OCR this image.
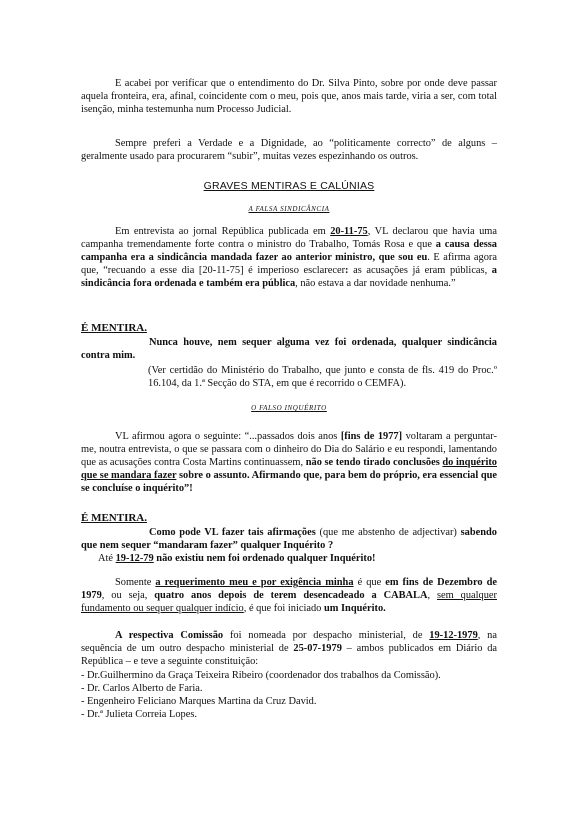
E acabei por verificar que o entendimento do Dr. Silva Pinto, sobre por onde deve passar aquela fronteira, era, afinal, coincidente com o meu, pois que, anos mais tarde, viria a ser, com total isenção, minha testemunha num Processo Judicial.

Sempre preferi a Verdade e a Dignidade, ao “politicamente correcto” de alguns – geralmente usado para procurarem “subir”, muitas vezes espezinhando os outros.

GRAVES MENTIRAS E CALÚNIAS
A FALSA SINDICÂNCIA

Em entrevista ao jornal República publicada em 20-11-75, VL declarou que havia uma campanha tremendamente forte contra o ministro do Trabalho, Tomás Rosa e que a causa dessa campanha era a sindicância mandada fazer ao anterior ministro, que sou eu. E afirma agora que, “recuando a esse dia [20-11-75] é imperioso esclarecer: as acusações já eram públicas, a sindicância fora ordenada e também era pública, não estava a dar novidade nenhuma.”

É MENTIRA.

Nunca houve, nem sequer alguma vez foi ordenada, qualquer sindicância contra mim.

(Ver certidão do Ministério do Trabalho, que junto e consta de fls. 419 do Proc.º 16.104, da 1.ª Secção do STA, em que é recorrido o CEMFA).

O FALSO INQUÉRITO

VL afirmou agora o seguinte: “...passados dois anos [fins de 1977] voltaram a perguntar-me, noutra entrevista, o que se passara com o dinheiro do Dia do Salário e eu respondi, lamentando que as acusações contra Costa Martins continuassem, não se tendo tirado conclusões do inquérito que se mandara fazer sobre o assunto. Afirmando que, para bem do próprio, era essencial que se concluíse o inquérito”!

É MENTIRA.

Como pode VL fazer tais afirmações (que me abstenho de adjectivar) sabendo que nem sequer “mandaram fazer” qualquer Inquérito ?

Até 19-12-79 não existiu nem foi ordenado qualquer Inquérito!

Somente a requerimento meu e por exigência minha é que em fins de Dezembro de 1979, ou seja, quatro anos depois de terem desencadeado a CABALA, sem qualquer fundamento ou sequer qualquer indício, é que foi iniciado um Inquérito.

A respectiva Comissão foi nomeada por despacho ministerial, de 19-12-1979, na sequência de um outro despacho ministerial de 25-07-1979 – ambos publicados em Diário da República – e teve a seguinte constituição:

- Dr.Guilhermino da Graça Teixeira Ribeiro (coordenador dos trabalhos da Comissão).
- Dr. Carlos Alberto de Faria.
- Engenheiro Feliciano Marques Martina da Cruz David.
- Dr.ª Julieta Correia Lopes.
